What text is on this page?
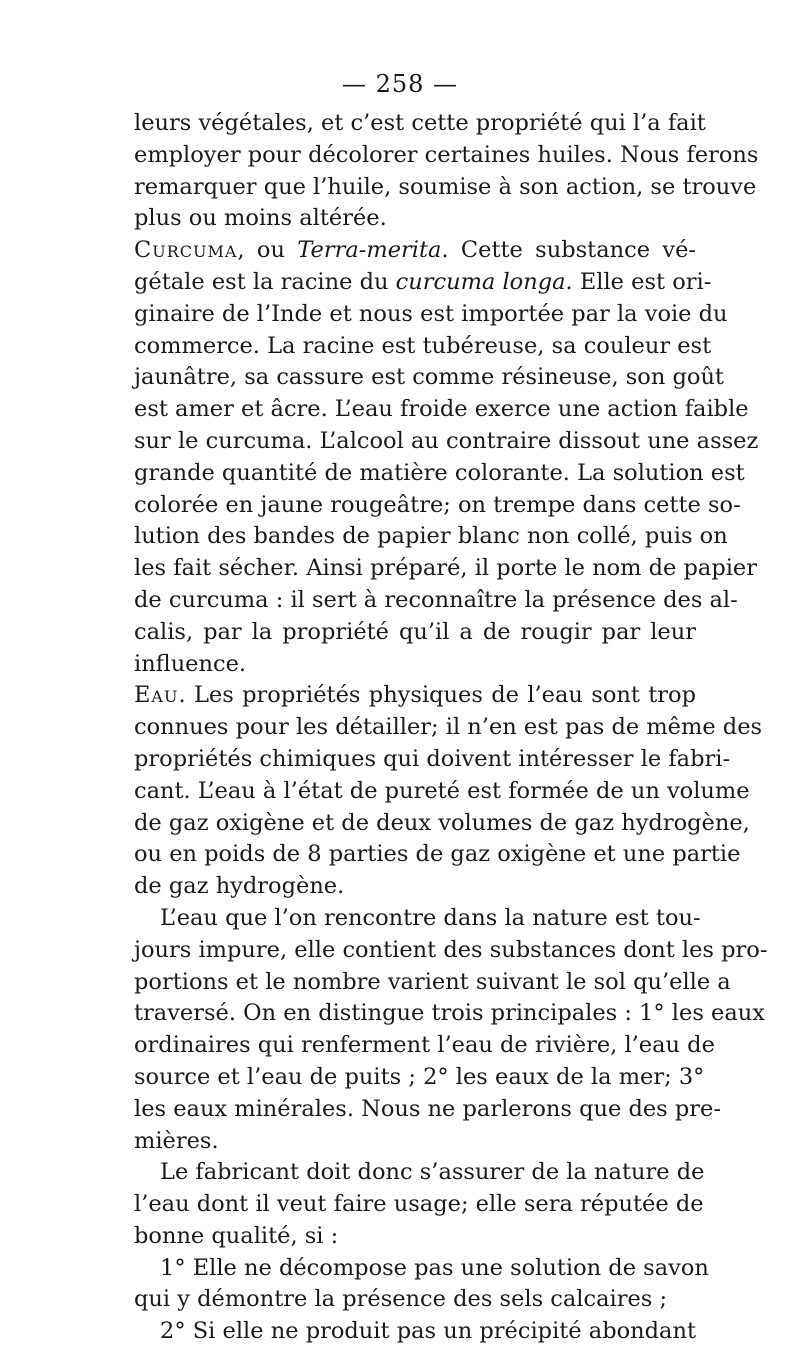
— 258 —
leurs végétales, et c’est cette propriété qui l’a fait
employer pour décolorer certaines huiles. Nous ferons
remarquer que l’huile, soumise à son action, se trouve
plus ou moins altérée.
Curcuma, ou Terra-merita. Cette substance vé-
gétale est la racine du curcuma longa. Elle est ori-
ginaire de l’Inde et nous est importée par la voie du
commerce. La racine est tubéreuse, sa couleur est
jaunâtre, sa cassure est comme résineuse, son goût
est amer et âcre. L’eau froide exerce une action faible
sur le curcuma. L’alcool au contraire dissout une assez
grande quantité de matière colorante. La solution est
colorée en jaune rougeâtre; on trempe dans cette so-
lution des bandes de papier blanc non collé, puis on
les fait sécher. Ainsi préparé, il porte le nom de papier
de curcuma : il sert à reconnaître la présence des al-
calis, par la propriété qu’il a de rougir par leur
influence.
Eau. Les propriétés physiques de l’eau sont trop
connues pour les détailler; il n’en est pas de même des
propriétés chimiques qui doivent intéresser le fabri-
cant. L’eau à l’état de pureté est formée de un volume
de gaz oxigène et de deux volumes de gaz hydrogène,
ou en poids de 8 parties de gaz oxigène et une partie
de gaz hydrogène.
L’eau que l’on rencontre dans la nature est tou-
jours impure, elle contient des substances dont les pro-
portions et le nombre varient suivant le sol qu’elle a
traversé. On en distingue trois principales : 1° les eaux
ordinaires qui renferment l’eau de rivière, l’eau de
source et l’eau de puits ; 2° les eaux de la mer; 3°
les eaux minérales. Nous ne parlerons que des pre-
mières.
Le fabricant doit donc s’assurer de la nature de
l’eau dont il veut faire usage; elle sera réputée de
bonne qualité, si :
1° Elle ne décompose pas une solution de savon
qui y démontre la présence des sels calcaires ;
2° Si elle ne produit pas un précipité abondant
